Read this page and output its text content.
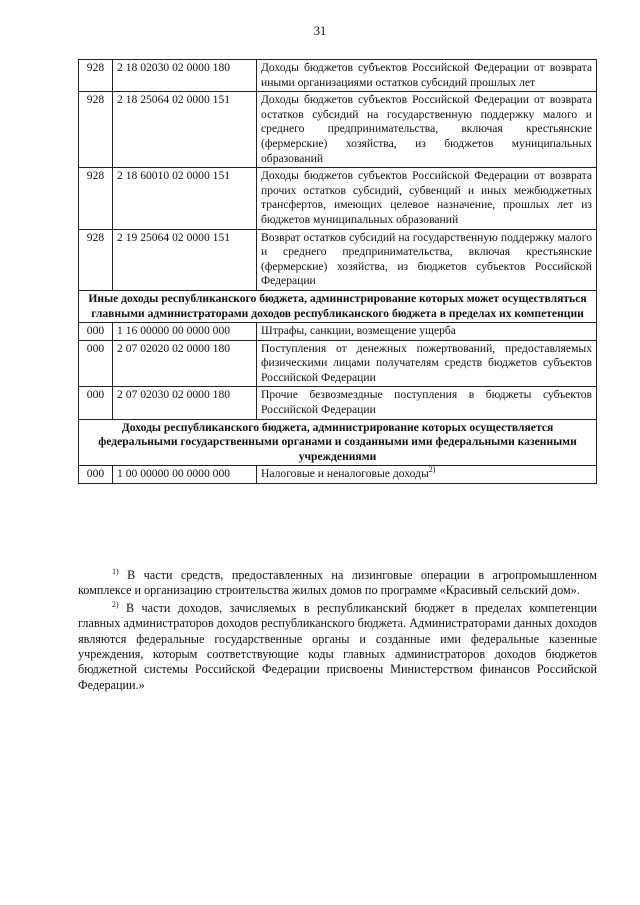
31
928	2 18 02030 02 0000 180	Доходы бюджетов субъектов Российской Федерации от возврата иными организациями остатков субсидий прошлых лет
928	2 18 25064 02 0000 151	Доходы бюджетов субъектов Российской Федерации от возврата остатков субсидий на государственную поддержку малого и среднего предпринимательства, включая крестьянские (фермерские) хозяйства, из бюджетов муниципальных образований
928	2 18 60010 02 0000 151	Доходы бюджетов субъектов Российской Федерации от возврата прочих остатков субсидий, субвенций и иных межбюджетных трансфертов, имеющих целевое назначение, прошлых лет из бюджетов муниципальных образований
928	2 19 25064 02 0000 151	Возврат остатков субсидий на государственную поддержку малого и среднего предпринимательства, включая крестьянские (фермерские) хозяйства, из бюджетов субъектов Российской Федерации
Иные доходы республиканского бюджета, администрирование которых может осуществляться главными администраторами доходов республиканского бюджета в пределах их компетенции		
000	1 16 00000 00 0000 000	Штрафы, санкции, возмещение ущерба
000	2 07 02020 02 0000 180	Поступления от денежных пожертвований, предоставляемых физическими лицами получателям средств бюджетов субъектов Российской Федерации
000	2 07 02030 02 0000 180	Прочие безвозмездные поступления в бюджеты субъектов Российской Федерации
Доходы республиканского бюджета, администрирование которых осуществляется федеральными государственными органами и созданными ими федеральными казенными учреждениями		
000	1 00 00000 00 0000 000	Налоговые и неналоговые доходы$^{2)}$

$^{1)}$ В части средств, предоставленных на лизинговые операции в агропромышленном комплексе и организацию строительства жилых домов по программе «Красивый сельский дом».

$^{2)}$ В части доходов, зачисляемых в республиканский бюджет в пределах компетенции главных администраторов доходов республиканского бюджета. Администраторами данных доходов являются федеральные государственные органы и созданные ими федеральные казенные учреждения, которым соответствующие коды главных администраторов доходов бюджетов бюджетной системы Российской Федерации присвоены Министерством финансов Российской Федерации.»
